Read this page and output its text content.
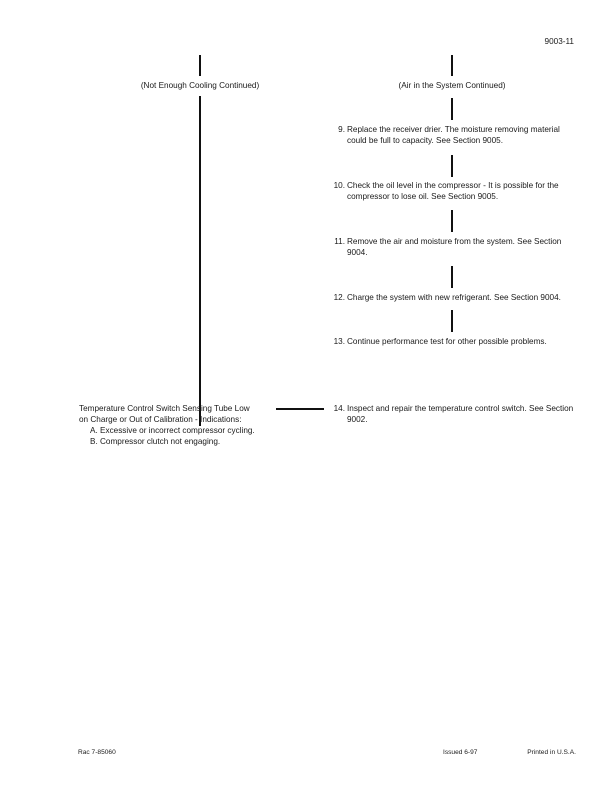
9003-11
(Not Enough Cooling Continued)	(Air in the System Continued)
9. Replace the receiver drier. The moisture removing material could be full to capacity. See Section 9005.
10. Check the oil level in the compressor - It is possible for the compressor to lose oil. See Section 9005.
11. Remove the air and moisture from the system. See Section 9004.
12. Charge the system with new refrigerant. See Section 9004.
13. Continue performance test for other possible problems.
14. Inspect and repair the temperature control switch. See Section 9002.
Temperature Control Switch Sensing Tube Low
on Charge or Out of Calibration - Indications:
A. Excessive or incorrect compressor cycling.
B. Compressor clutch not engaging.
Rac 7-85060	Issued 6-97	Printed in U.S.A.
